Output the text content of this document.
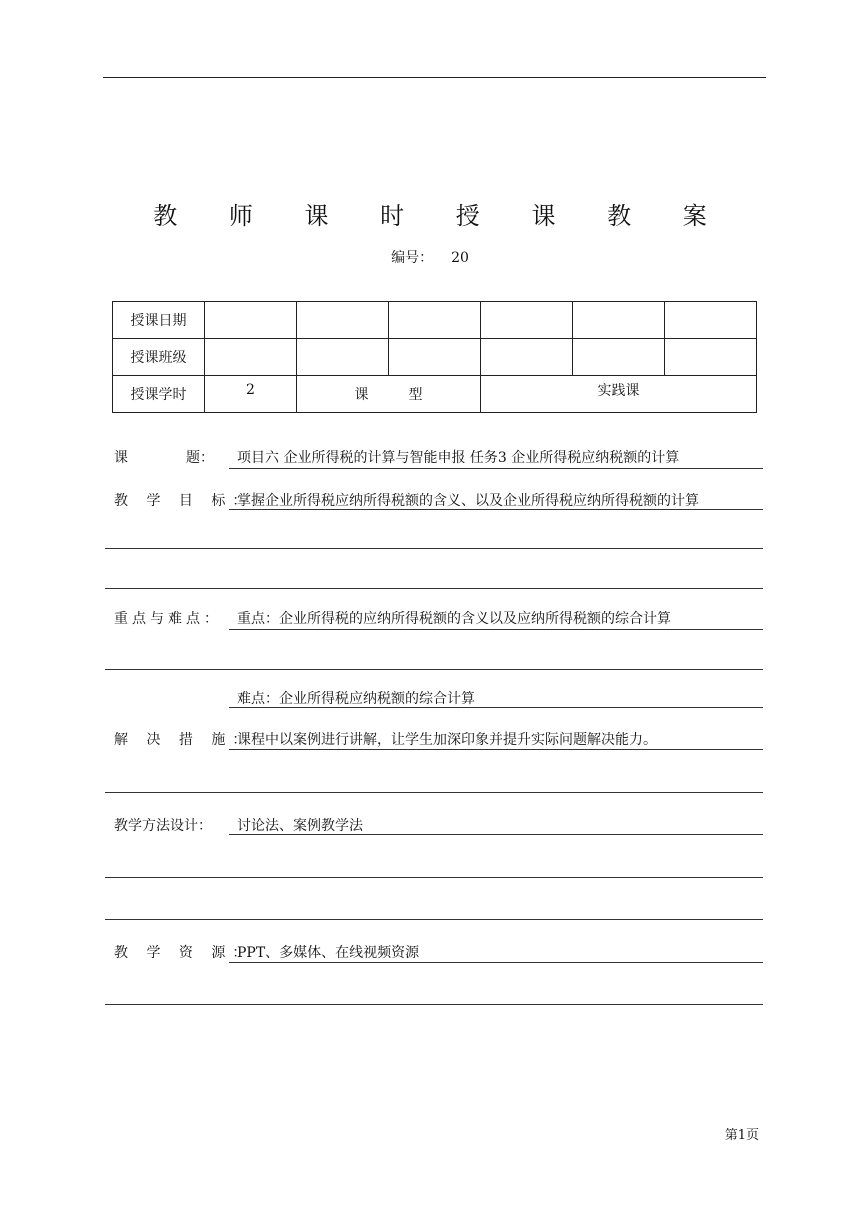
教 师 课 时 授 课 教 案
编号： 20
授课日期						
授课班级						
授课学时	2	课 型		实践课		
课	题： 项目六 企业所得税的计算与智能申报 任务3 企业所得税应纳税额的计算
教 学 目 标：
掌握企业所得税应纳所得税额的含义、以及企业所得税应纳所得税额的计算
重点与难点： 重点：企业所得税的应纳所得税额的含义以及应纳所得税额的综合计算
难点：企业所得税应纳税额的综合计算
解 决 措 施：
课程中以案例进行讲解，让学生加深印象并提升实际问题解决能力。
教学方法设计： 讨论法、案例教学法
教 学 资 源：
PPT、多媒体、在线视频资源
第1页
